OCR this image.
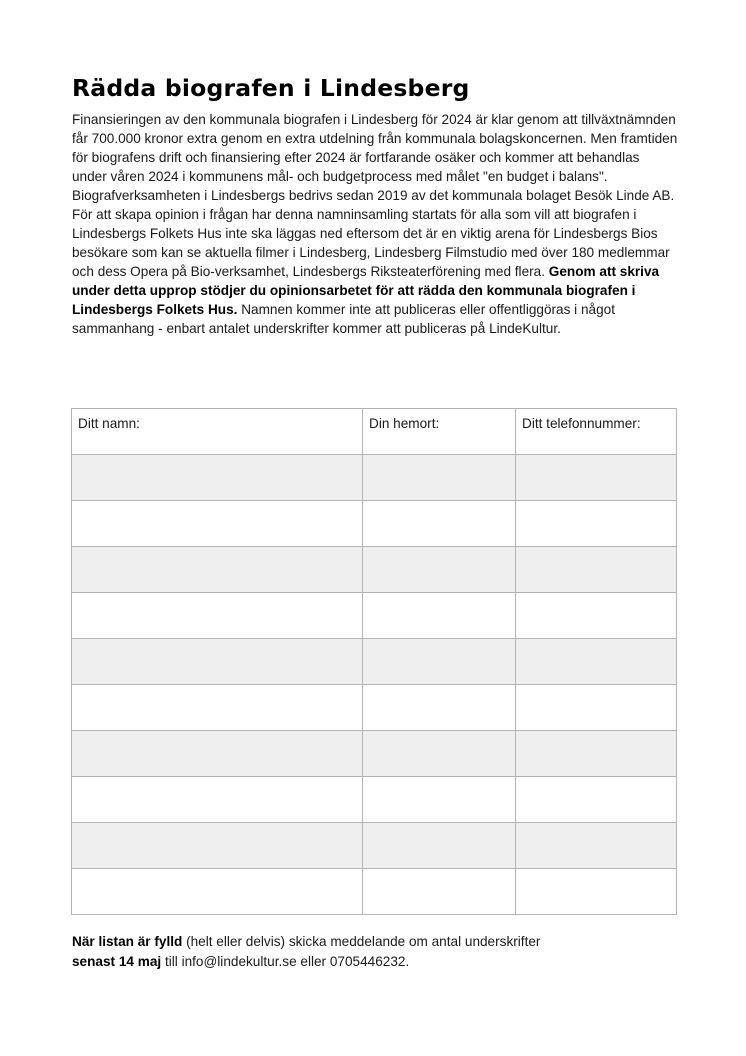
Rädda biografen i Lindesberg

Finansieringen av den kommunala biografen i Lindesberg för 2024 är klar genom att tillväxtnämnden får 700.000 kronor extra genom en extra utdelning från kommunala bolagskoncernen. Men framtiden för biografens drift och finansiering efter 2024 är fortfarande osäker och kommer att behandlas under våren 2024 i kommunens mål- och budgetprocess med målet "en budget i balans". Biografverksamheten i Lindesbergs bedrivs sedan 2019 av det kommunala bolaget Besök Linde AB. För att skapa opinion i frågan har denna namninsamling startats för alla som vill att biografen i Lindesbergs Folkets Hus inte ska läggas ned eftersom det är en viktig arena för Lindesbergs Bios besökare som kan se aktuella filmer i Lindesberg, Lindesberg Filmstudio med över 180 medlemmar och dess Opera på Bio-verksamhet, Lindesbergs Riksteaterförening med flera. Genom att skriva under detta upprop stödjer du opinionsarbetet för att rädda den kommunala biografen i Lindesbergs Folkets Hus. Namnen kommer inte att publiceras eller offentliggöras i något sammanhang - enbart antalet underskrifter kommer att publiceras på LindeKultur.

Ditt namn:	Din hemort:	Ditt telefonnummer:

När listan är fylld (helt eller delvis) skicka meddelande om antal underskrifter
senast 14 maj till info@lindekultur.se eller 0705446232.
